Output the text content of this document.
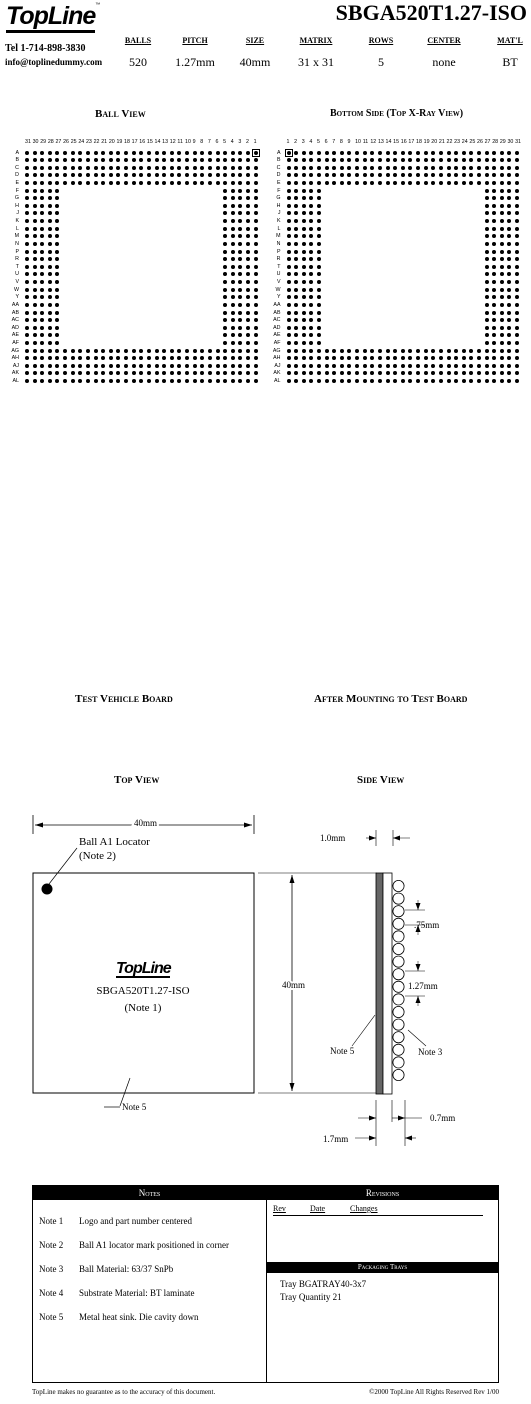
TopLine™	SBGA520T1.27-ISO
Tel 1-714-898-3830
info@toplinedummy.com
BALLS
520
PITCH
1.27mm
SIZE
40mm
MATRIX
31 x 31
ROWS
5
CENTER
none
MAT'L
BT
Ball View	Bottom Side (Top X-Ray View)
A
B
C
D
E
F
G
H
J
K
L
M
N
P
R
T
U
V
W
Y
AA
AB
AC
AD
AE
AF
AG
AH
AJ
AK
AL
31 30 29 28 27 26 25 24 23 22 21 20 19 18 17 16 15 14 13 12 11 10 9 8 7 6 5 4 3 2 1
A
B
C
D
E
F
G
H
J
K
L
M
N
P
R
T
U
V
W
Y
AA
AB
AC
AD
AE
AF
AG
AH
AJ
AK
AL
1 2 3 4 5 6 7 8 9 10 11 12 13 14 15 16 17 18 19 20 21 22 23 24 25 26 27 28 29 30 31
Test Vehicle Board	After Mounting to Test Board
Top View	Side View
40mm
Ball A1 Locator
(Note 2)
TopLine
SBGA520T1.27-ISO
(Note 1)
Note 5
40mm
1.0mm
.75mm
1.27mm
Note 5	Note 3
0.7mm
1.7mm
Notes
Note 1 Logo and part number centered
Note 2 Ball A1 locator mark positioned in corner
Note 3 Ball Material: 63/37 SnPb
Note 4 Substrate Material: BT laminate
Note 5 Metal heat sink. Die cavity down
Revisions
Rev	Date	Changes
Packaging Trays
Tray BGATRAY40-3x7
Tray Quantity 21
TopLine makes no guarantee as to the accuracy of this document.	©2000 TopLine All Rights Reserved Rev 1/00
